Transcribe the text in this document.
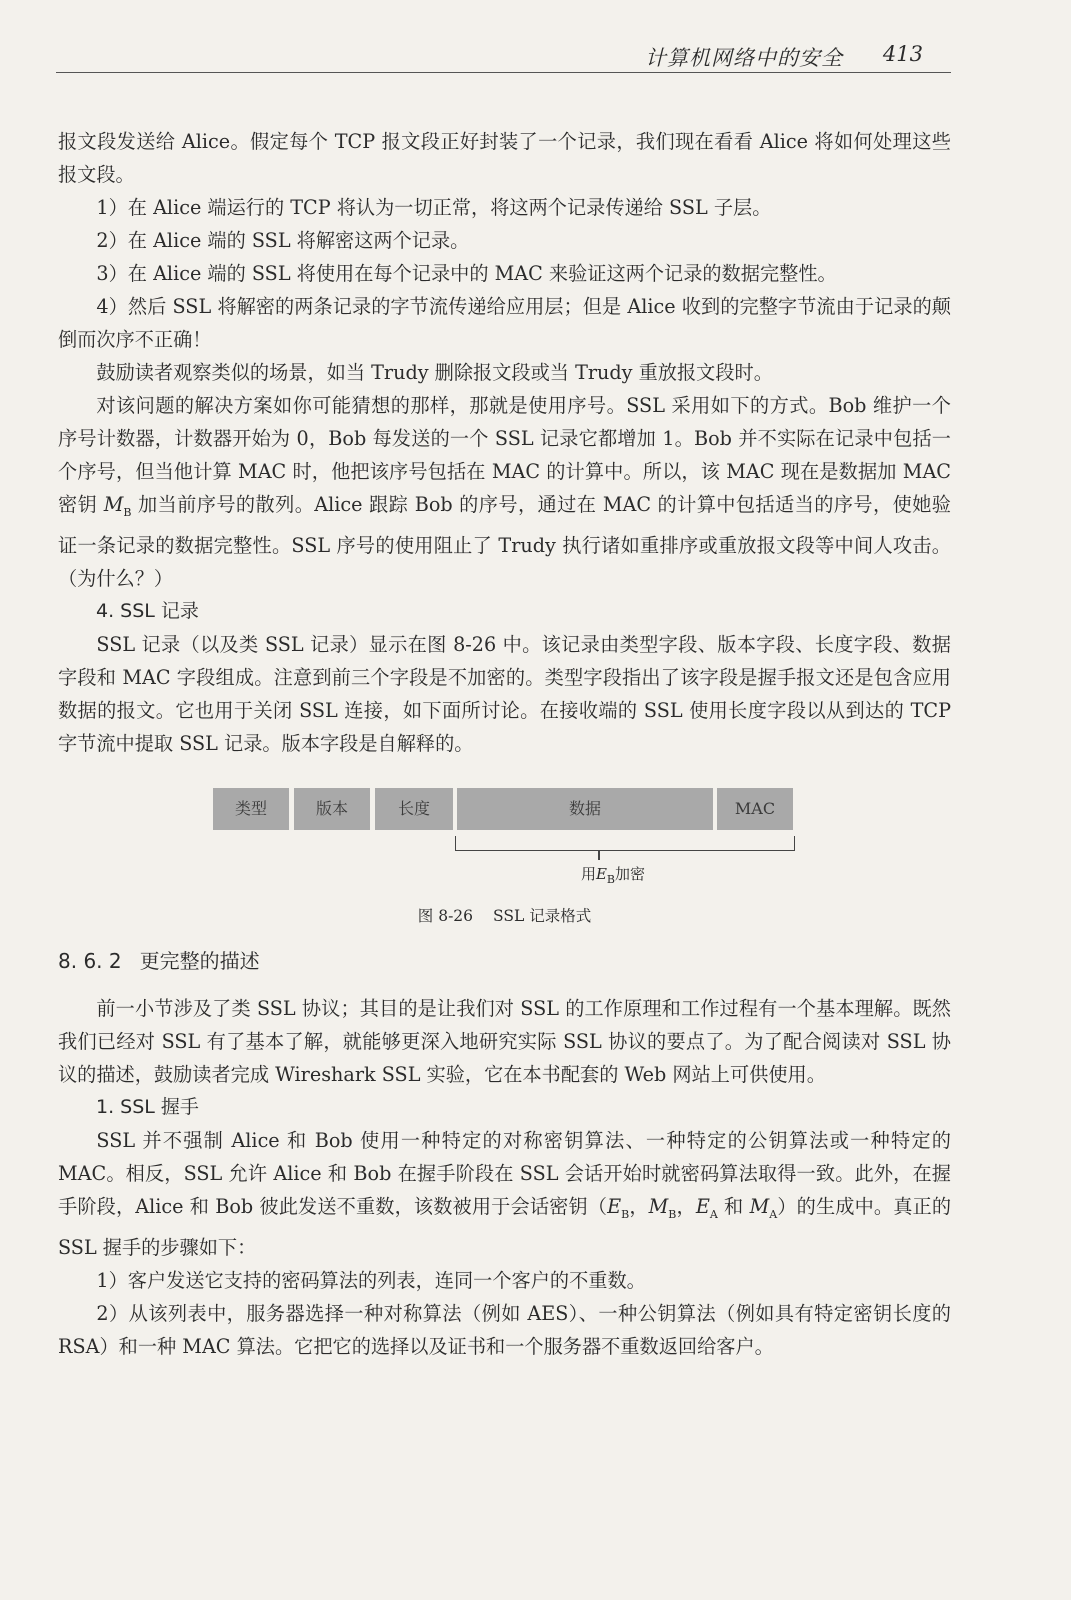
计算机网络中的安全 413

报文段发送给 Alice。假定每个 TCP 报文段正好封装了一个记录，我们现在看看 Alice 将如何处理这些报文段。

1）在 Alice 端运行的 TCP 将认为一切正常，将这两个记录传递给 SSL 子层。

2）在 Alice 端的 SSL 将解密这两个记录。

3）在 Alice 端的 SSL 将使用在每个记录中的 MAC 来验证这两个记录的数据完整性。

4）然后 SSL 将解密的两条记录的字节流传递给应用层；但是 Alice 收到的完整字节流由于记录的颠倒而次序不正确！

鼓励读者观察类似的场景，如当 Trudy 删除报文段或当 Trudy 重放报文段时。

对该问题的解决方案如你可能猜想的那样，那就是使用序号。SSL 采用如下的方式。Bob 维护一个序号计数器，计数器开始为 0，Bob 每发送的一个 SSL 记录它都增加 1。Bob 并不实际在记录中包括一个序号，但当他计算 MAC 时，他把该序号包括在 MAC 的计算中。所以，该 MAC 现在是数据加 MAC 密钥 $M_B$ 加当前序号的散列。Alice 跟踪 Bob 的序号，通过在 MAC 的计算中包括适当的序号，使她验证一条记录的数据完整性。SSL 序号的使用阻止了 Trudy 执行诸如重排序或重放报文段等中间人攻击。（为什么？）

4. SSL 记录

SSL 记录（以及类 SSL 记录）显示在图 8-26 中。该记录由类型字段、版本字段、长度字段、数据字段和 MAC 字段组成。注意到前三个字段是不加密的。类型字段指出了该字段是握手报文还是包含应用数据的报文。它也用于关闭 SSL 连接，如下面所讨论。在接收端的 SSL 使用长度字段以从到达的 TCP 字节流中提取 SSL 记录。版本字段是自解释的。

类型	版本	长度	数据	MAC
用$E_B$加密
图 8-26 SSL 记录格式
8. 6. 2 更完整的描述

前一小节涉及了类 SSL 协议；其目的是让我们对 SSL 的工作原理和工作过程有一个基本理解。既然我们已经对 SSL 有了基本了解，就能够更深入地研究实际 SSL 协议的要点了。为了配合阅读对 SSL 协议的描述，鼓励读者完成 Wireshark SSL 实验，它在本书配套的 Web 网站上可供使用。

1. SSL 握手

SSL 并不强制 Alice 和 Bob 使用一种特定的对称密钥算法、一种特定的公钥算法或一种特定的 MAC。相反，SSL 允许 Alice 和 Bob 在握手阶段在 SSL 会话开始时就密码算法取得一致。此外，在握手阶段，Alice 和 Bob 彼此发送不重数，该数被用于会话密钥（$E_B$，$M_B$，$E_A$ 和 $M_A$）的生成中。真正的 SSL 握手的步骤如下：

1）客户发送它支持的密码算法的列表，连同一个客户的不重数。

2）从该列表中，服务器选择一种对称算法（例如 AES）、一种公钥算法（例如具有特定密钥长度的 RSA）和一种 MAC 算法。它把它的选择以及证书和一个服务器不重数返回给客户。
